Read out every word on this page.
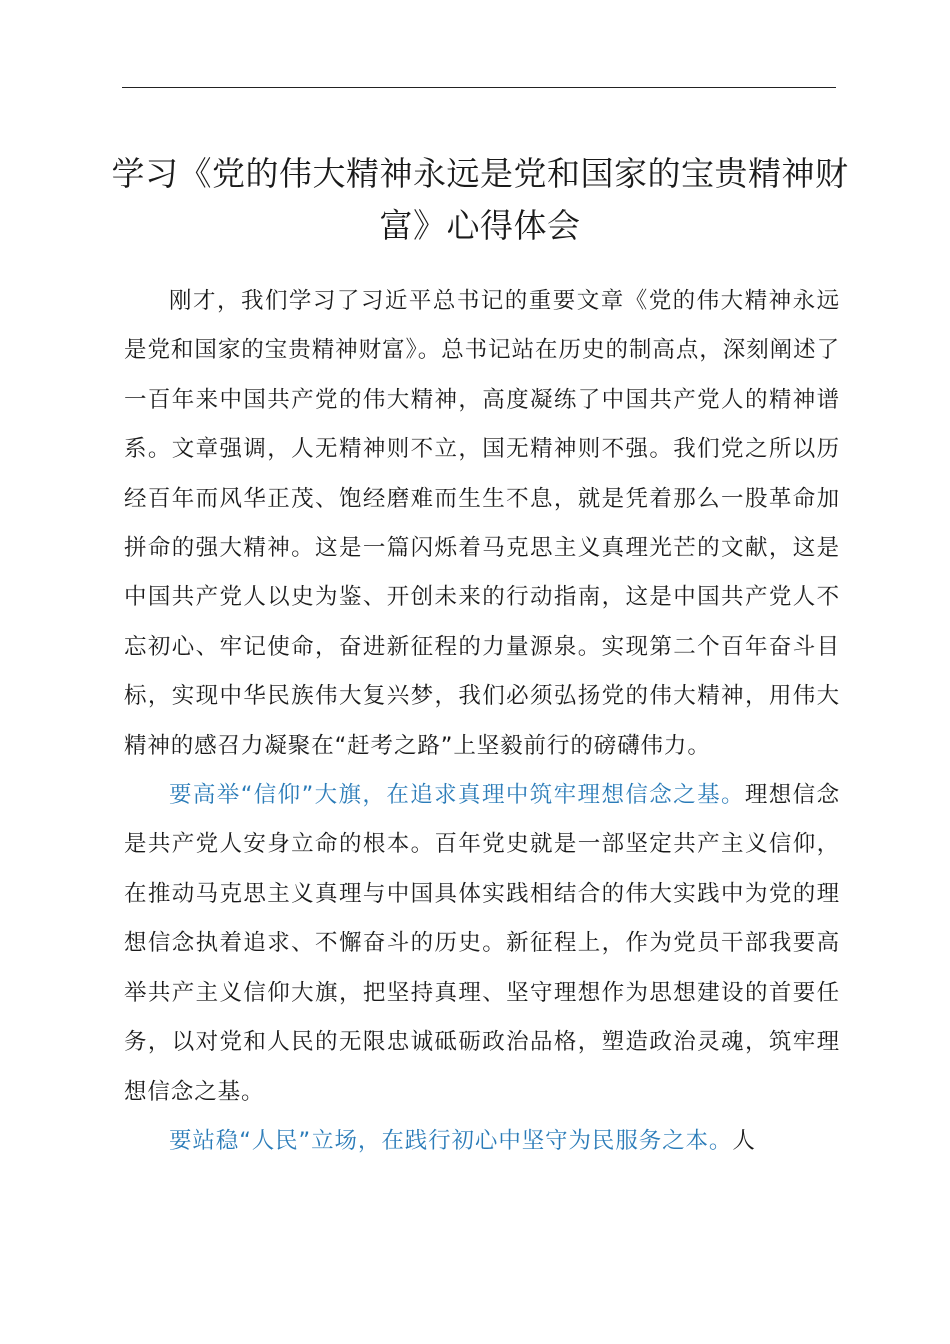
学习《党的伟大精神永远是党和国家的宝贵精神财富》心得体会

刚才，我们学习了习近平总书记的重要文章《党的伟大精神永远是党和国家的宝贵精神财富》。总书记站在历史的制高点，深刻阐述了一百年来中国共产党的伟大精神，高度凝练了中国共产党人的精神谱系。文章强调，人无精神则不立，国无精神则不强。我们党之所以历经百年而风华正茂、饱经磨难而生生不息，就是凭着那么一股革命加拼命的强大精神。这是一篇闪烁着马克思主义真理光芒的文献，这是中国共产党人以史为鉴、开创未来的行动指南，这是中国共产党人不忘初心、牢记使命，奋进新征程的力量源泉。实现第二个百年奋斗目标，实现中华民族伟大复兴梦，我们必须弘扬党的伟大精神，用伟大精神的感召力凝聚在“赶考之路”上坚毅前行的磅礴伟力。

要高举“信仰”大旗，在追求真理中筑牢理想信念之基。理想信念是共产党人安身立命的根本。百年党史就是一部坚定共产主义信仰，在推动马克思主义真理与中国具体实践相结合的伟大实践中为党的理想信念执着追求、不懈奋斗的历史。新征程上，作为党员干部我要高举共产主义信仰大旗，把坚持真理、坚守理想作为思想建设的首要任务，以对党和人民的无限忠诚砥砺政治品格，塑造政治灵魂，筑牢理想信念之基。

要站稳“人民”立场，在践行初心中坚守为民服务之本。人
